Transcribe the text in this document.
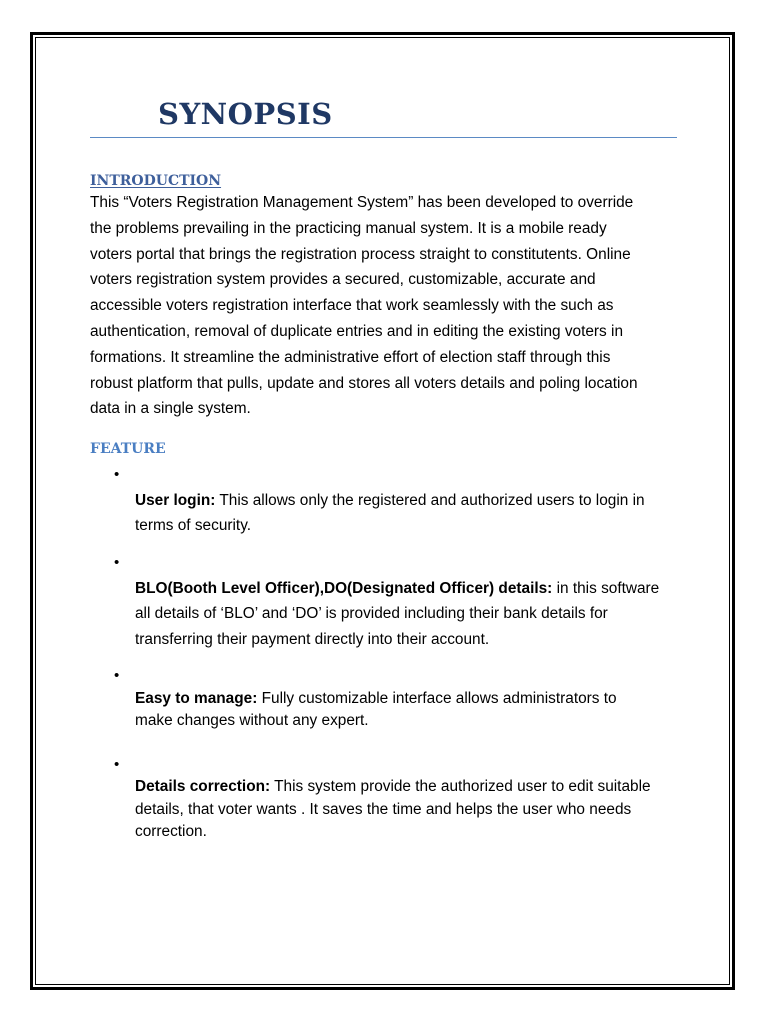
SYNOPSIS
INTRODUCTION

This “Voters Registration Management System” has been developed to override
the problems prevailing in the practicing manual system. It is a mobile ready
voters portal that brings the registration process straight to constitutents. Online
voters registration system provides a secured, customizable, accurate and
accessible voters registration interface that work seamlessly with the such as
authentication, removal of duplicate entries and in editing the existing voters in
formations. It streamline the administrative effort of election staff through this
robust platform that pulls, update and stores all voters details and poling location
data in a single system.

FEATURE

•
User login: This allows only the registered and authorized users to login in
terms of security.

•
BLO(Booth Level Officer),DO(Designated Officer) details: in this software
all details of ‘BLO’ and ‘DO’ is provided including their bank details for
transferring their payment directly into their account.

•
Easy to manage: Fully customizable interface allows administrators to
make changes without any expert.

•
Details correction: This system provide the authorized user to edit suitable
details, that voter wants . It saves the time and helps the user who needs
correction.
